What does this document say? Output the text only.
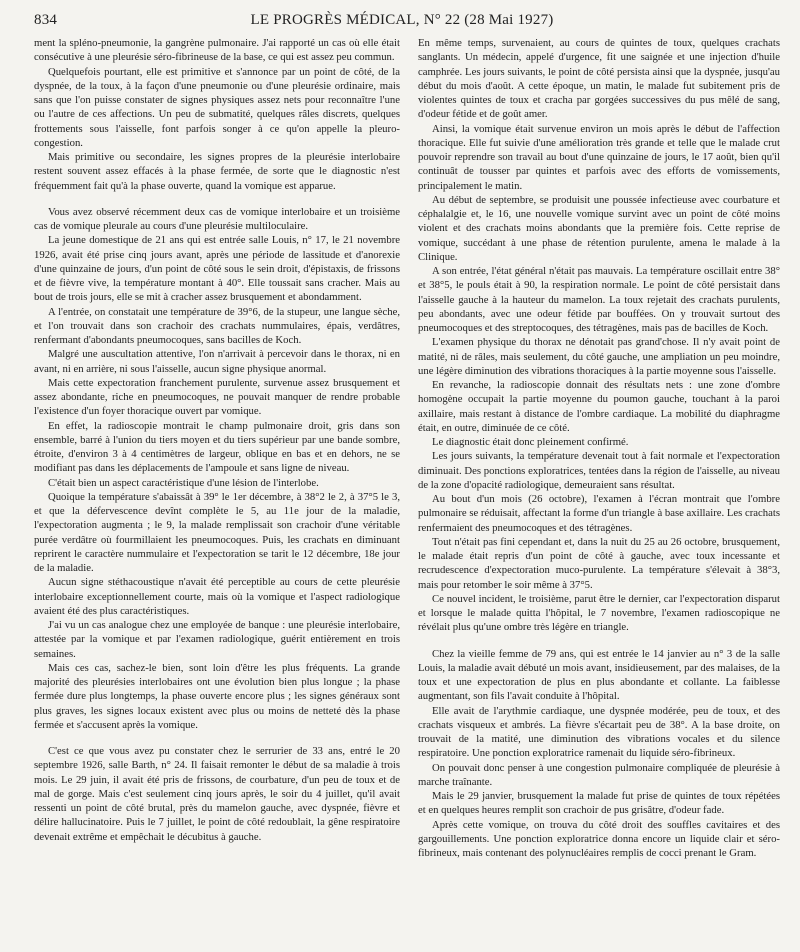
834	LE PROGRÈS MÉDICAL, N° 22 (28 Mai 1927)

ment la spléno-pneumonie, la gangrène pulmonaire. J'ai rapporté un cas où elle était consécutive à une pleurésie séro-fibrineuse de la base, ce qui est assez peu commun.

Quelquefois pourtant, elle est primitive et s'annonce par un point de côté, de la dyspnée, de la toux, à la façon d'une pneumonie ou d'une pleurésie ordinaire, mais sans que l'on puisse constater de signes physiques assez nets pour reconnaître l'une ou l'autre de ces affections. Un peu de submatité, quelques râles discrets, quelques frottements sous l'aisselle, font parfois songer à ce qu'on appelle la pleuro-congestion.

Mais primitive ou secondaire, les signes propres de la pleurésie interlobaire restent souvent assez effacés à la phase fermée, de sorte que le diagnostic n'est fréquemment fait qu'à la phase ouverte, quand la vomique est apparue.

Vous avez observé récemment deux cas de vomique interlobaire et un troisième cas de vomique pleurale au cours d'une pleurésie multiloculaire.

La jeune domestique de 21 ans qui est entrée salle Louis, n° 17, le 21 novembre 1926, avait été prise cinq jours avant, après une période de lassitude et d'anorexie d'une quinzaine de jours, d'un point de côté sous le sein droit, d'épistaxis, de frissons et de fièvre vive, la température montant à 40°. Elle toussait sans cracher. Mais au bout de trois jours, elle se mit à cracher assez brusquement et abondamment.

A l'entrée, on constatait une température de 39°6, de la stupeur, une langue sèche, et l'on trouvait dans son crachoir des crachats nummulaires, épais, verdâtres, renfermant d'abondants pneumocoques, sans bacilles de Koch.

Malgré une auscultation attentive, l'on n'arrivait à percevoir dans le thorax, ni en avant, ni en arrière, ni sous l'aisselle, aucun signe physique anormal.

Mais cette expectoration franchement purulente, survenue assez brusquement et assez abondante, riche en pneumocoques, ne pouvait manquer de rendre probable l'existence d'un foyer thoracique ouvert par vomique.

En effet, la radioscopie montrait le champ pulmonaire droit, gris dans son ensemble, barré à l'union du tiers moyen et du tiers supérieur par une bande sombre, étroite, d'environ 3 à 4 centimètres de largeur, oblique en bas et en dehors, ne se modifiant pas dans les déplacements de l'ampoule et sans ligne de niveau.

C'était bien un aspect caractéristique d'une lésion de l'interlobe.

Quoique la température s'abaissât à 39° le 1er décembre, à 38°2 le 2, à 37°5 le 3, et que la défervescence devînt complète le 5, au 11e jour de la maladie, l'expectoration augmenta ; le 9, la malade remplissait son crachoir d'une véritable purée verdâtre où fourmillaient les pneumocoques. Puis, les crachats en diminuant reprirent le caractère nummulaire et l'expectoration se tarit le 12 décembre, 18e jour de la maladie.

Aucun signe stéthacoustique n'avait été perceptible au cours de cette pleurésie interlobaire exceptionnellement courte, mais où la vomique et l'aspect radiologique avaient été des plus caractéristiques.

J'ai vu un cas analogue chez une employée de banque : une pleurésie interlobaire, attestée par la vomique et par l'examen radiologique, guérit entièrement en trois semaines.

Mais ces cas, sachez-le bien, sont loin d'être les plus fréquents. La grande majorité des pleurésies interlobaires ont une évolution bien plus longue ; la phase fermée dure plus longtemps, la phase ouverte encore plus ; les signes généraux sont plus graves, les signes locaux existent avec plus ou moins de netteté dès la phase fermée et s'accusent après la vomique.

C'est ce que vous avez pu constater chez le serrurier de 33 ans, entré le 20 septembre 1926, salle Barth, n° 24. Il faisait remonter le début de sa maladie à trois mois. Le 29 juin, il avait été pris de frissons, de courbature, d'un peu de toux et de mal de gorge. Mais c'est seulement cinq jours après, le soir du 4 juillet, qu'il avait ressenti un point de côté brutal, près du mamelon gauche, avec dyspnée, fièvre et délire hallucinatoire. Puis le 7 juillet, le point de côté redoublait, la gêne respiratoire devenait extrême et empêchait le décubitus à gauche.

En même temps, survenaient, au cours de quintes de toux, quelques crachats sanglants. Un médecin, appelé d'urgence, fit une saignée et une injection d'huile camphrée. Les jours suivants, le point de côté persista ainsi que la dyspnée, jusqu'au début du mois d'août. A cette époque, un matin, le malade fut subitement pris de violentes quintes de toux et cracha par gorgées successives du pus mêlé de sang, d'odeur fétide et de goût amer.

Ainsi, la vomique était survenue environ un mois après le début de l'affection thoracique. Elle fut suivie d'une amélioration très grande et telle que le malade crut pouvoir reprendre son travail au bout d'une quinzaine de jours, le 17 août, bien qu'il continuât de tousser par quintes et parfois avec des efforts de vomissements, principalement le matin.

Au début de septembre, se produisit une poussée infectieuse avec courbature et céphalalgie et, le 16, une nouvelle vomique survint avec un point de côté moins violent et des crachats moins abondants que la première fois. Cette reprise de vomique, succédant à une phase de rétention purulente, amena le malade à la Clinique.

A son entrée, l'état général n'était pas mauvais. La température oscillait entre 38° et 38°5, le pouls était à 90, la respiration normale. Le point de côté persistait dans l'aisselle gauche à la hauteur du mamelon. La toux rejetait des crachats purulents, peu abondants, avec une odeur fétide par bouffées. On y trouvait surtout des pneumocoques et des streptocoques, des tétragènes, mais pas de bacilles de Koch.

L'examen physique du thorax ne dénotait pas grand'chose. Il n'y avait point de matité, ni de râles, mais seulement, du côté gauche, une ampliation un peu moindre, une légère diminution des vibrations thoraciques à la partie moyenne sous l'aisselle.

En revanche, la radioscopie donnait des résultats nets : une zone d'ombre homogène occupait la partie moyenne du poumon gauche, touchant à la paroi axillaire, mais restant à distance de l'ombre cardiaque. La mobilité du diaphragme était, en outre, diminuée de ce côté.

Le diagnostic était donc pleinement confirmé.

Les jours suivants, la température devenait tout à fait normale et l'expectoration diminuait. Des ponctions exploratrices, tentées dans la région de l'aisselle, au niveau de la zone d'opacité radiologique, demeuraient sans résultat.

Au bout d'un mois (26 octobre), l'examen à l'écran montrait que l'ombre pulmonaire se réduisait, affectant la forme d'un triangle à base axillaire. Les crachats renfermaient des pneumocoques et des tétragènes.

Tout n'était pas fini cependant et, dans la nuit du 25 au 26 octobre, brusquement, le malade était repris d'un point de côté à gauche, avec toux incessante et recrudescence d'expectoration muco-purulente. La température s'élevait à 38°3, mais pour retomber le soir même à 37°5.

Ce nouvel incident, le troisième, parut être le dernier, car l'expectoration disparut et lorsque le malade quitta l'hôpital, le 7 novembre, l'examen radioscopique ne révélait plus qu'une ombre très légère en triangle.

Chez la vieille femme de 79 ans, qui est entrée le 14 janvier au n° 3 de la salle Louis, la maladie avait débuté un mois avant, insidieusement, par des malaises, de la toux et une expectoration de plus en plus abondante et collante. La faiblesse augmentant, son fils l'avait conduite à l'hôpital.

Elle avait de l'arythmie cardiaque, une dyspnée modérée, peu de toux, et des crachats visqueux et ambrés. La fièvre s'écartait peu de 38°. A la base droite, on trouvait de la matité, une diminution des vibrations vocales et du silence respiratoire. Une ponction exploratrice ramenait du liquide séro-fibrineux.

On pouvait donc penser à une congestion pulmonaire compliquée de pleurésie à marche traînante.

Mais le 29 janvier, brusquement la malade fut prise de quintes de toux répétées et en quelques heures remplit son crachoir de pus grisâtre, d'odeur fade.

Après cette vomique, on trouva du côté droit des souffles cavitaires et des gargouillements. Une ponction exploratrice donna encore un liquide clair et séro-fibrineux, mais contenant des polynucléaires remplis de cocci prenant le Gram.
